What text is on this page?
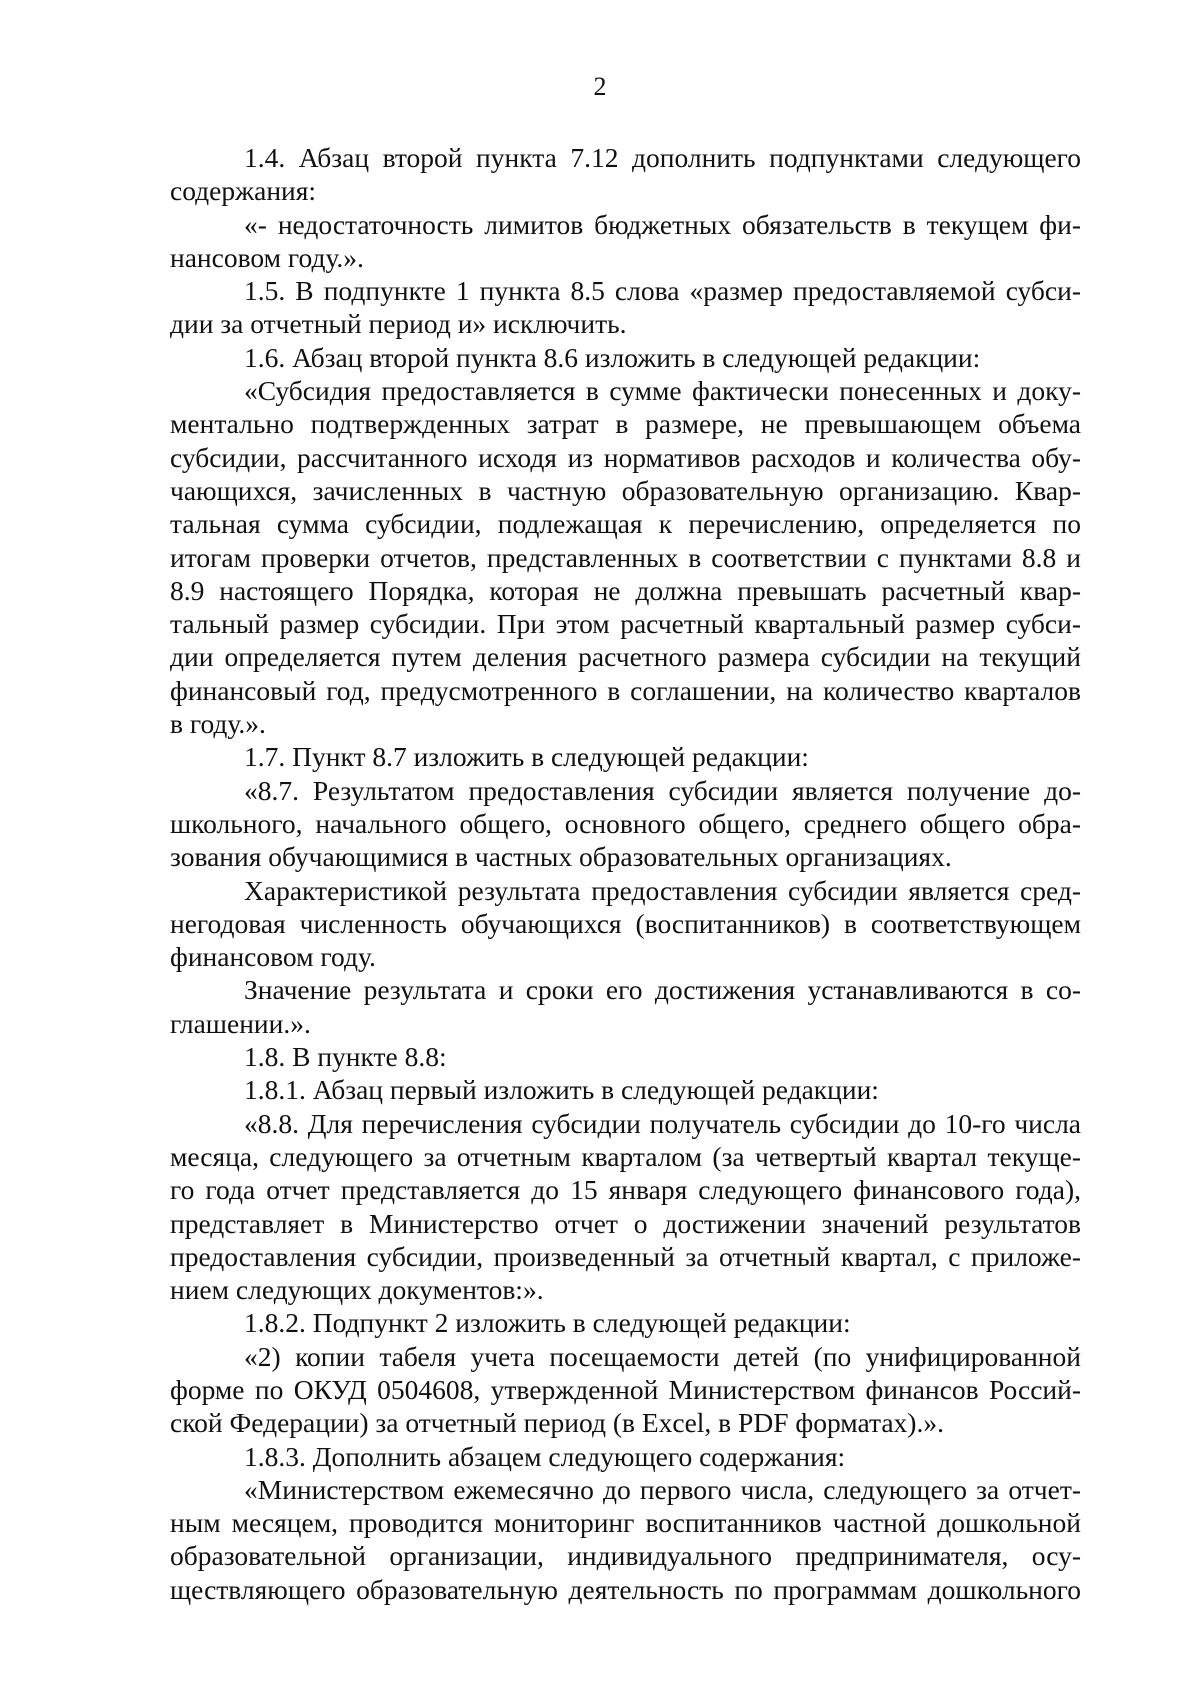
2
1.4. Абзац второй пункта 7.12 дополнить подпунктами следующего
содержания:
«- недостаточность лимитов бюджетных обязательств в текущем фи-
нансовом году.».
1.5. В подпункте 1 пункта 8.5 слова «размер предоставляемой субси-
дии за отчетный период и» исключить.
1.6. Абзац второй пункта 8.6 изложить в следующей редакции:
«Субсидия предоставляется в сумме фактически понесенных и доку-
ментально подтвержденных затрат в размере, не превышающем объема
субсидии, рассчитанного исходя из нормативов расходов и количества обу-
чающихся, зачисленных в частную образовательную организацию. Квар-
тальная сумма субсидии, подлежащая к перечислению, определяется по
итогам проверки отчетов, представленных в соответствии с пунктами 8.8 и
8.9 настоящего Порядка, которая не должна превышать расчетный квар-
тальный размер субсидии. При этом расчетный квартальный размер субси-
дии определяется путем деления расчетного размера субсидии на текущий
финансовый год, предусмотренного в соглашении, на количество кварталов
в году.».
1.7. Пункт 8.7 изложить в следующей редакции:
«8.7. Результатом предоставления субсидии является получение до-
школьного, начального общего, основного общего, среднего общего обра-
зования обучающимися в частных образовательных организациях.
Характеристикой результата предоставления субсидии является сред-
негодовая численность обучающихся (воспитанников) в соответствующем
финансовом году.
Значение результата и сроки его достижения устанавливаются в со-
глашении.».
1.8. В пункте 8.8:
1.8.1. Абзац первый изложить в следующей редакции:
«8.8. Для перечисления субсидии получатель субсидии до 10-го числа
месяца, следующего за отчетным кварталом (за четвертый квартал текуще-
го года отчет представляется до 15 января следующего финансового года),
представляет в Министерство отчет о достижении значений результатов
предоставления субсидии, произведенный за отчетный квартал, с приложе-
нием следующих документов:».
1.8.2. Подпункт 2 изложить в следующей редакции:
«2) копии табеля учета посещаемости детей (по унифицированной
форме по ОКУД 0504608, утвержденной Министерством финансов Россий-
ской Федерации) за отчетный период (в Excel, в PDF форматах).».
1.8.3. Дополнить абзацем следующего содержания:
«Министерством ежемесячно до первого числа, следующего за отчет-
ным месяцем, проводится мониторинг воспитанников частной дошкольной
образовательной организации, индивидуального предпринимателя, осу-
ществляющего образовательную деятельность по программам дошкольного
